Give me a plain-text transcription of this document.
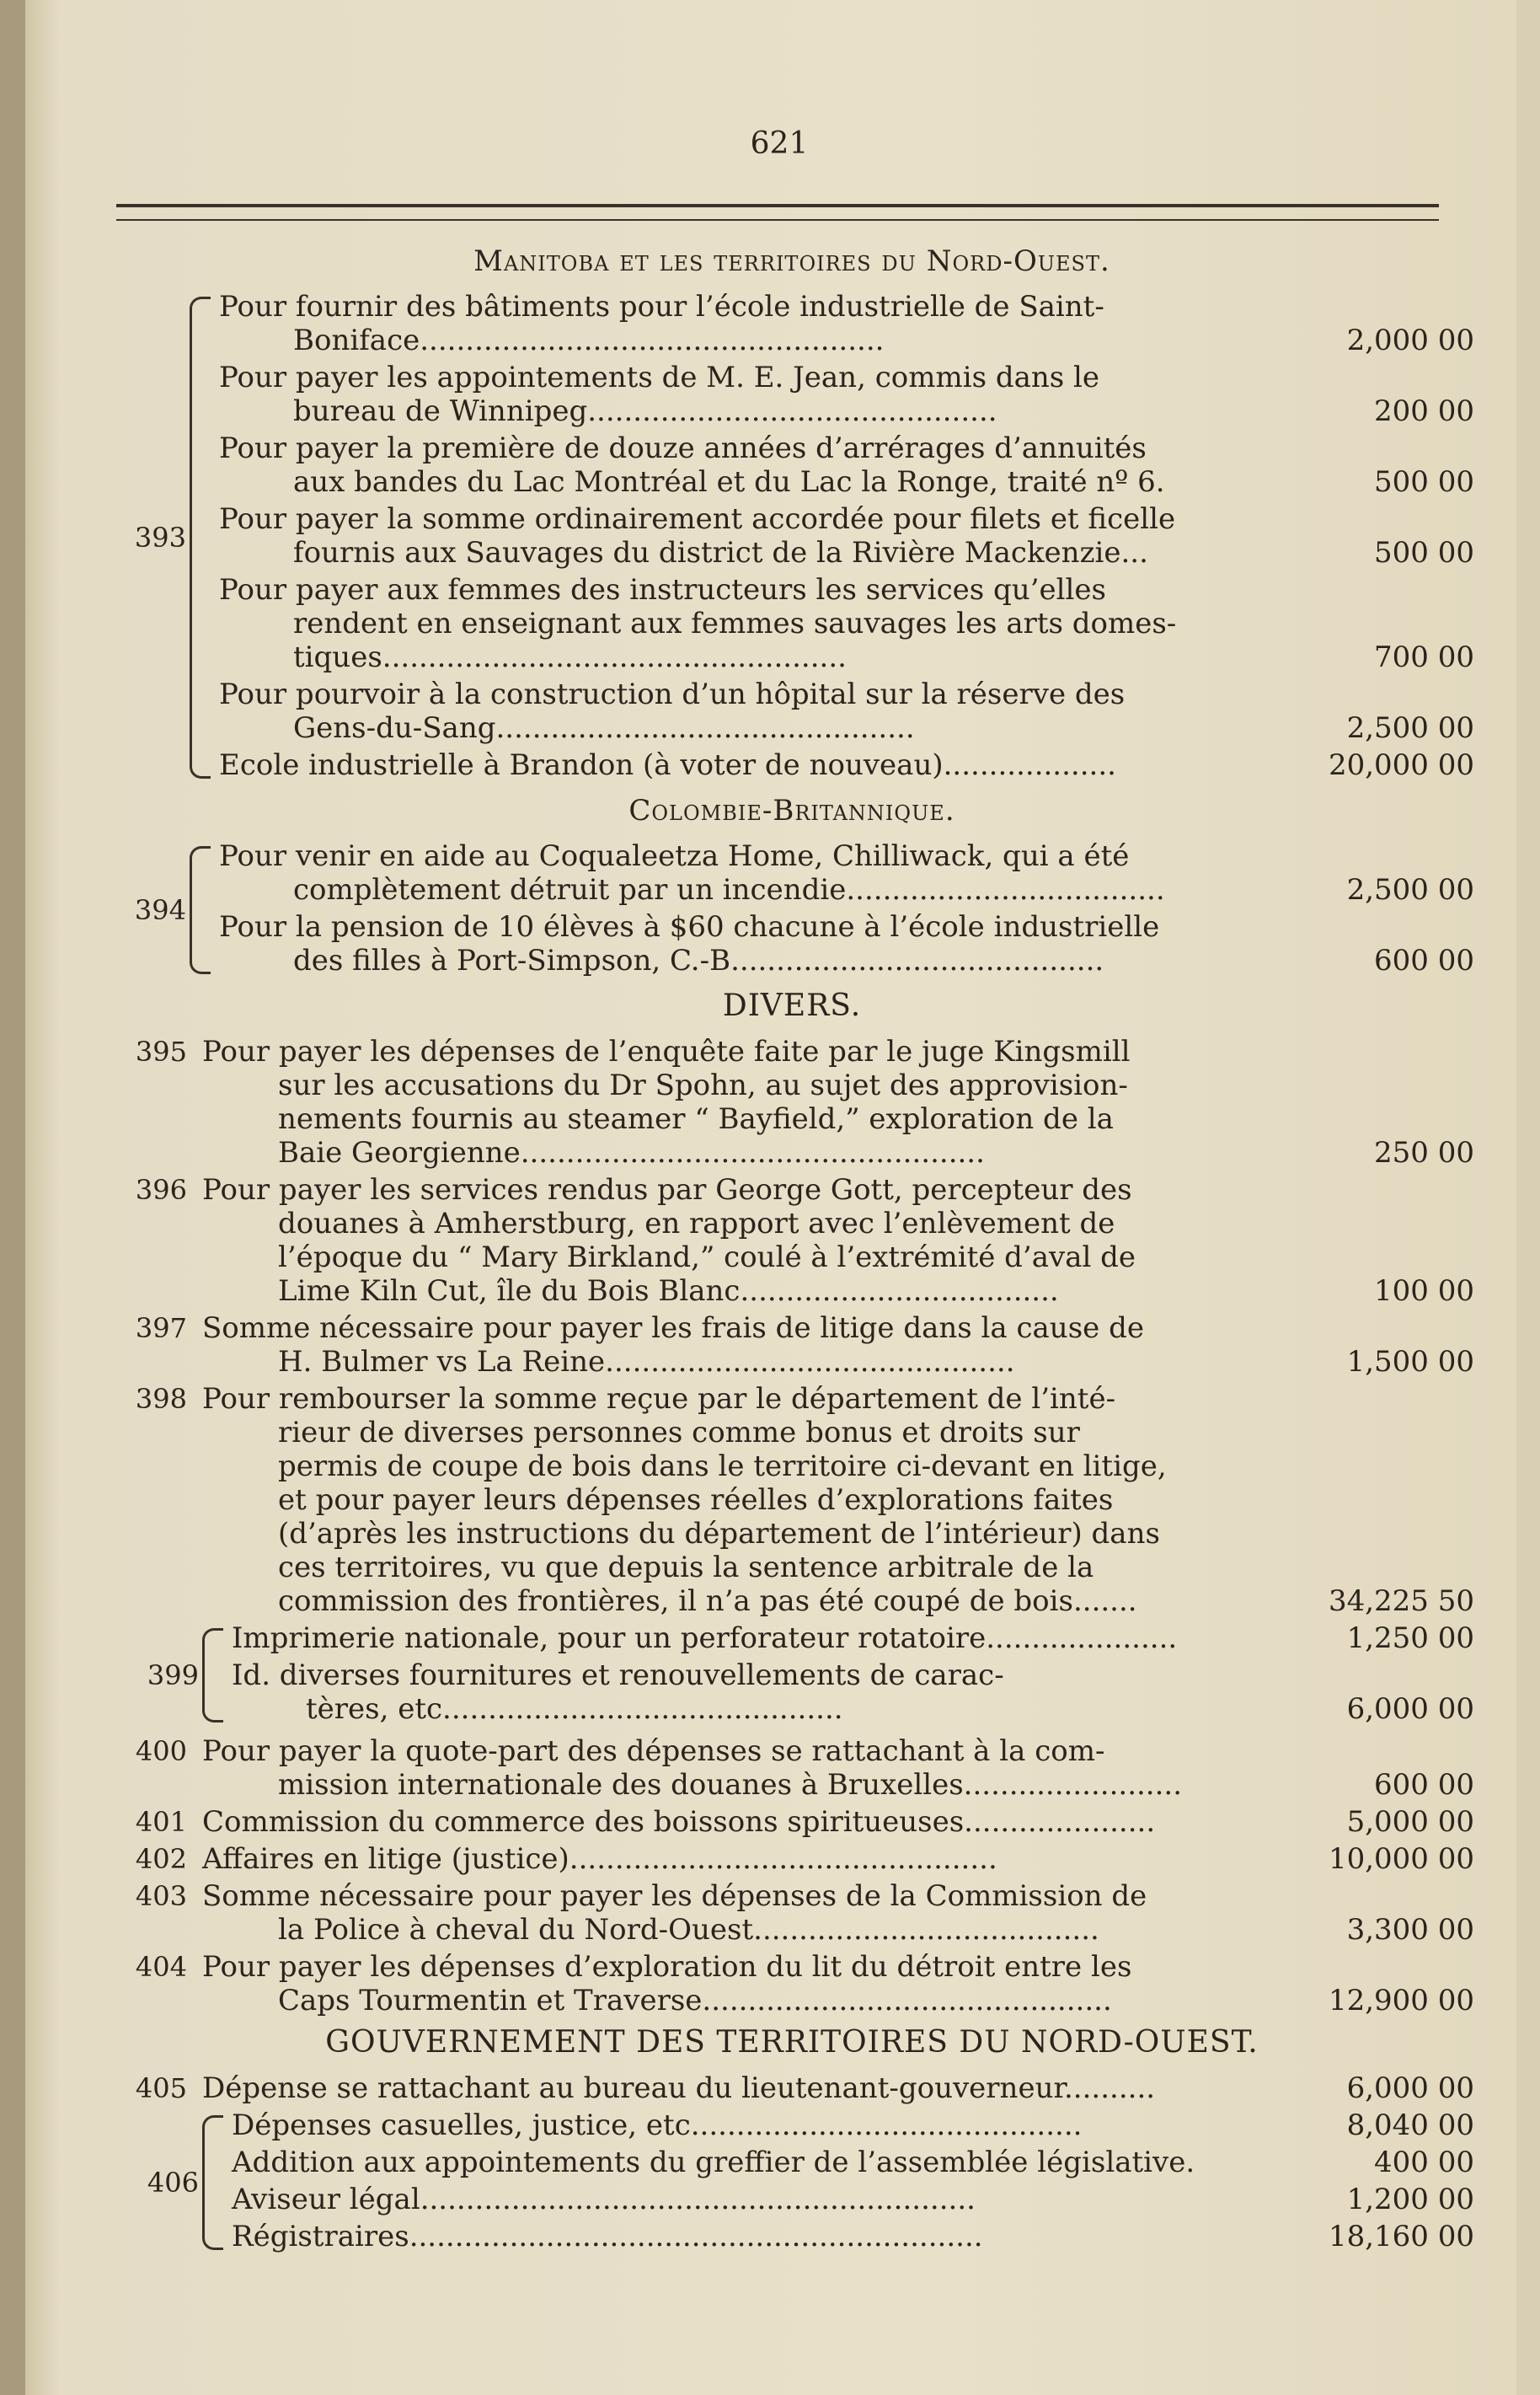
621
Manitoba et les territoires du Nord-Ouest.
393
Pour fournir des bâtiments pour l’école industrielle de Saint-
Boniface...................................................	2,000 00
Pour payer les appointements de M. E. Jean, commis dans le
bureau de Winnipeg.............................................	200 00
Pour payer la première de douze années d’arrérages d’annuités
aux bandes du Lac Montréal et du Lac la Ronge, traité nº 6.	500 00
Pour payer la somme ordinairement accordée pour filets et ficelle
fournis aux Sauvages du district de la Rivière Mackenzie...	500 00
Pour payer aux femmes des instructeurs les services qu’elles
rendent en enseignant aux femmes sauvages les arts domes-
tiques...................................................	700 00
Pour pourvoir à la construction d’un hôpital sur la réserve des
Gens-du-Sang..............................................	2,500 00
Ecole industrielle à Brandon (à voter de nouveau)...................	20,000 00
Colombie-Britannique.
394
Pour venir en aide au Coqualeetza Home, Chilliwack, qui a été
complètement détruit par un incendie...................................	2,500 00
Pour la pension de 10 élèves à $60 chacune à l’école industrielle
des filles à Port-Simpson, C.-B.........................................	600 00
DIVERS.
395 Pour payer les dépenses de l’enquête faite par le juge Kingsmill
sur les accusations du Dr Spohn, au sujet des approvision-
nements fournis au steamer “ Bayfield,” exploration de la
Baie Georgienne...................................................	250 00
396 Pour payer les services rendus par George Gott, percepteur des
douanes à Amherstburg, en rapport avec l’enlèvement de
l’époque du “ Mary Birkland,” coulé à l’extrémité d’aval de
Lime Kiln Cut, île du Bois Blanc...................................	100 00
397 Somme nécessaire pour payer les frais de litige dans la cause de
H. Bulmer vs La Reine.............................................	1,500 00
398 Pour rembourser la somme reçue par le département de l’inté-
rieur de diverses personnes comme bonus et droits sur
permis de coupe de bois dans le territoire ci-devant en litige,
et pour payer leurs dépenses réelles d’explorations faites
(d’après les instructions du département de l’intérieur) dans
ces territoires, vu que depuis la sentence arbitrale de la
commission des frontières, il n’a pas été coupé de bois.......	34,225 50
399
Imprimerie nationale, pour un perforateur rotatoire.....................	1,250 00
Id. diverses fournitures et renouvellements de carac-
tères, etc............................................	6,000 00
400 Pour payer la quote-part des dépenses se rattachant à la com-
mission internationale des douanes à Bruxelles........................	600 00
401 Commission du commerce des boissons spiritueuses.....................	5,000 00
402 Affaires en litige (justice)...............................................	10,000 00
403 Somme nécessaire pour payer les dépenses de la Commission de
la Police à cheval du Nord-Ouest......................................	3,300 00
404 Pour payer les dépenses d’exploration du lit du détroit entre les
Caps Tourmentin et Traverse.............................................	12,900 00
GOUVERNEMENT DES TERRITOIRES DU NORD-OUEST.
405 Dépense se rattachant au bureau du lieutenant-gouverneur..........	6,000 00
406
Dépenses casuelles, justice, etc...........................................	8,040 00
Addition aux appointements du greffier de l’assemblée législative.	400 00
Aviseur légal.............................................................	1,200 00
Régistraires...............................................................	18,160 00
